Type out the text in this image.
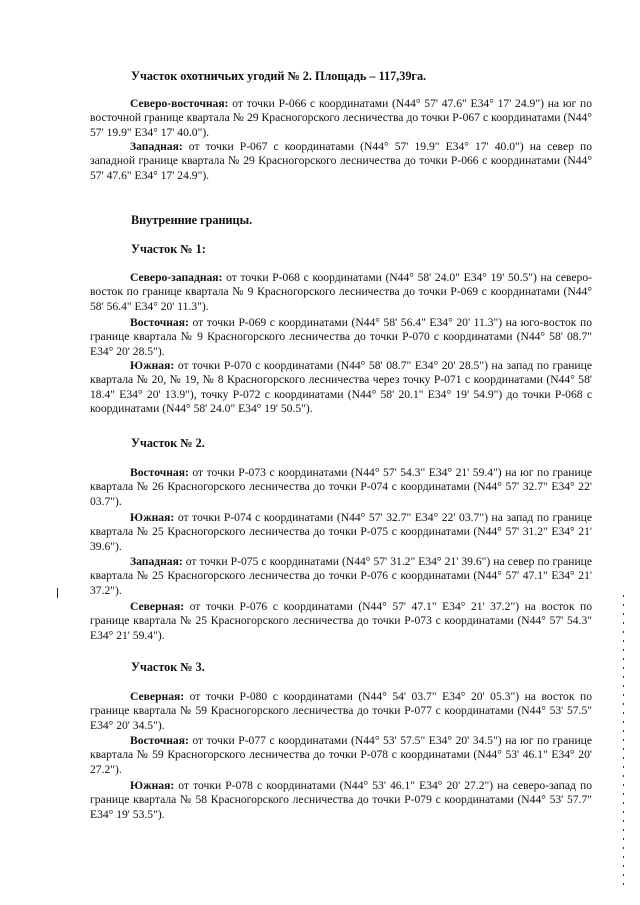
Участок охотничьих угодий № 2. Площадь – 117,39га.

Северо-восточная: от точки Р-066 с координатами (N44° 57' 47.6" E34° 17' 24.9") на юг по восточной границе квартала № 29 Красногорского лесничества до точки Р-067 с координатами (N44° 57' 19.9" E34° 17' 40.0").

Западная: от точки Р-067 с координатами (N44° 57' 19.9" E34° 17' 40.0") на север по западной границе квартала № 29 Красногорского лесничества до точки Р-066 с координатами (N44° 57' 47.6" E34° 17' 24.9").

Внутренние границы.

Участок № 1:

Северо-западная: от точки Р-068 с координатами (N44° 58' 24.0" E34° 19' 50.5") на северо-восток по границе квартала № 9 Красногорского лесничества до точки Р-069 с координатами (N44° 58' 56.4" E34° 20' 11.3").

Восточная: от точки Р-069 с координатами (N44° 58' 56.4" E34° 20' 11.3") на юго-восток по границе квартала № 9 Красногорского лесничества до точки Р-070 с координатами (N44° 58' 08.7" E34° 20' 28.5").

Южная: от точки Р-070 с координатами (N44° 58' 08.7" E34° 20' 28.5") на запад по границе квартала № 20, № 19, № 8 Красногорского лесничества через точку Р-071 с координатами (N44° 58' 18.4" E34° 20' 13.9"), точку Р-072 с координатами (N44° 58' 20.1" E34° 19' 54.9") до точки Р-068 с координатами (N44° 58' 24.0" E34° 19' 50.5").

Участок № 2.

Восточная: от точки Р-073 с координатами (N44° 57' 54.3" E34° 21' 59.4") на юг по границе квартала № 26 Красногорского лесничества до точки Р-074 с координатами (N44° 57' 32.7" E34° 22' 03.7").

Южная: от точки Р-074 с координатами (N44° 57' 32.7" E34° 22' 03.7") на запад по границе квартала № 25 Красногорского лесничества до точки Р-075 с координатами (N44° 57' 31.2" E34° 21' 39.6").

Западная: от точки Р-075 с координатами (N44° 57' 31.2" E34° 21' 39.6") на север по границе квартала № 25 Красногорского лесничества до точки Р-076 с координатами (N44° 57' 47.1" E34° 21' 37.2").

Северная: от точки Р-076 с координатами (N44° 57' 47.1" E34° 21' 37.2") на восток по границе квартала № 25 Красногорского лесничества до точки Р-073 с координатами (N44° 57' 54.3" E34° 21' 59.4").

Участок № 3.

Северная: от точки Р-080 с координатами (N44° 54' 03.7" E34° 20' 05.3") на восток по границе квартала № 59 Красногорского лесничества до точки Р-077 с координатами (N44° 53' 57.5" E34° 20' 34.5").

Восточная: от точки Р-077 с координатами (N44° 53' 57.5" E34° 20' 34.5") на юг по границе квартала № 59 Красногорского лесничества до точки Р-078 с координатами (N44° 53' 46.1" E34° 20' 27.2").

Южная: от точки Р-078 с координатами (N44° 53' 46.1" E34° 20' 27.2") на северо-запад по границе квартала № 58 Красногорского лесничества до точки Р-079 с координатами (N44° 53' 57.7" E34° 19' 53.5").
